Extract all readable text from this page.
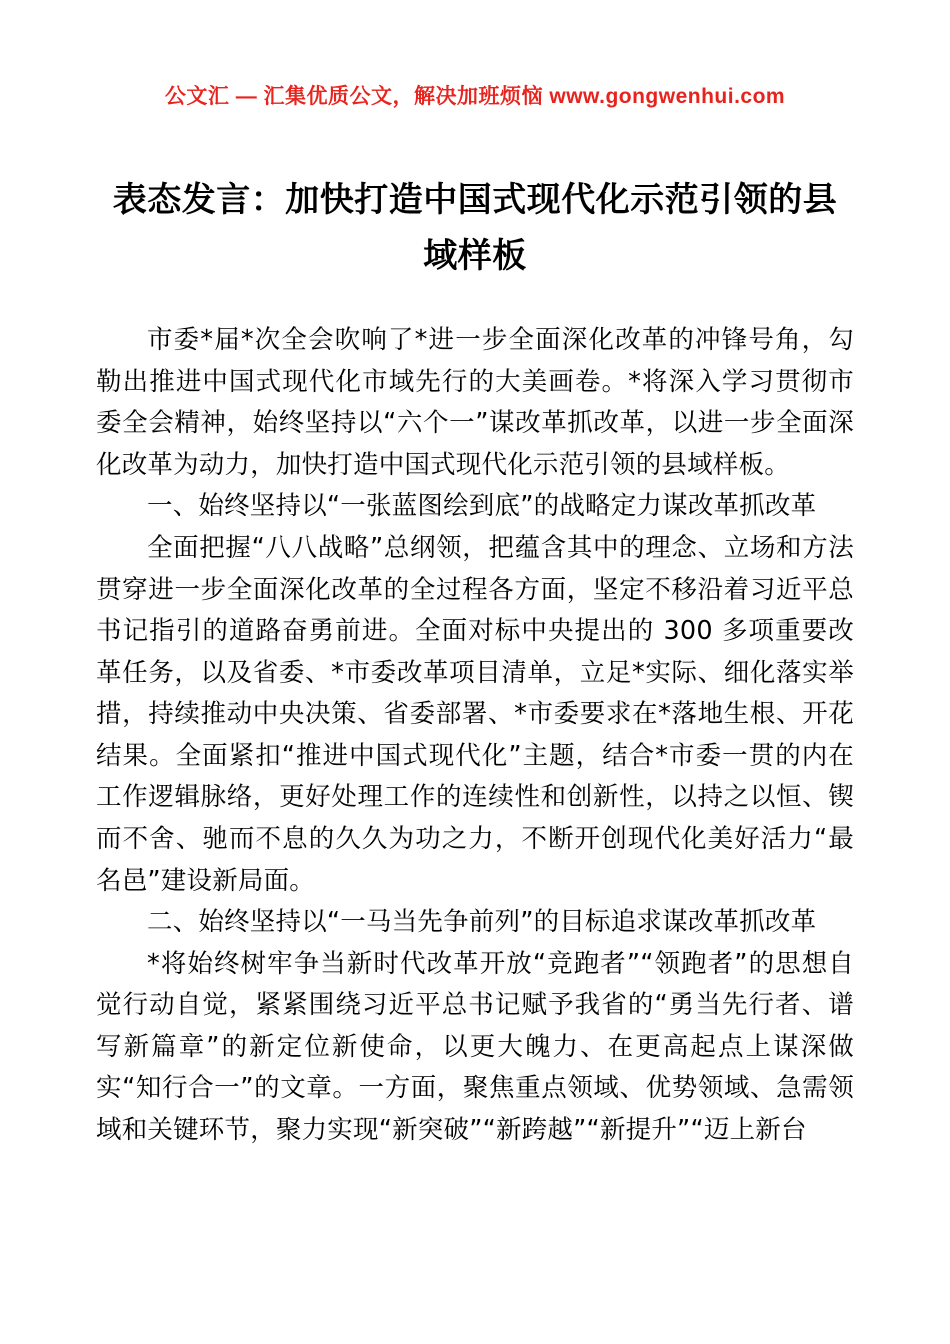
公文汇 — 汇集优质公文，解决加班烦恼 www.gongwenhui.com
表态发言：加快打造中国式现代化示范引领的县域样板

市委*届*次全会吹响了*进一步全面深化改革的冲锋号角，勾勒出推进中国式现代化市域先行的大美画卷。*将深入学习贯彻市委全会精神，始终坚持以“六个一”谋改革抓改革，以进一步全面深化改革为动力，加快打造中国式现代化示范引领的县域样板。

一、始终坚持以“一张蓝图绘到底”的战略定力谋改革抓改革

全面把握“八八战略”总纲领，把蕴含其中的理念、立场和方法贯穿进一步全面深化改革的全过程各方面，坚定不移沿着习近平总书记指引的道路奋勇前进。全面对标中央提出的 300 多项重要改革任务，以及省委、*市委改革项目清单，立足*实际、细化落实举措，持续推动中央决策、省委部署、*市委要求在*落地生根、开花结果。全面紧扣“推进中国式现代化”主题，结合*市委一贯的内在工作逻辑脉络，更好处理工作的连续性和创新性，以持之以恒、锲而不舍、驰而不息的久久为功之力，不断开创现代化美好活力“最名邑”建设新局面。

二、始终坚持以“一马当先争前列”的目标追求谋改革抓改革

*将始终树牢争当新时代改革开放“竞跑者”“领跑者”的思想自觉行动自觉，紧紧围绕习近平总书记赋予我省的“勇当先行者、谱写新篇章”的新定位新使命，以更大魄力、在更高起点上谋深做实“知行合一”的文章。一方面，聚焦重点领域、优势领域、急需领域和关键环节，聚力实现“新突破”“新跨越”“新提升”“迈上新台
